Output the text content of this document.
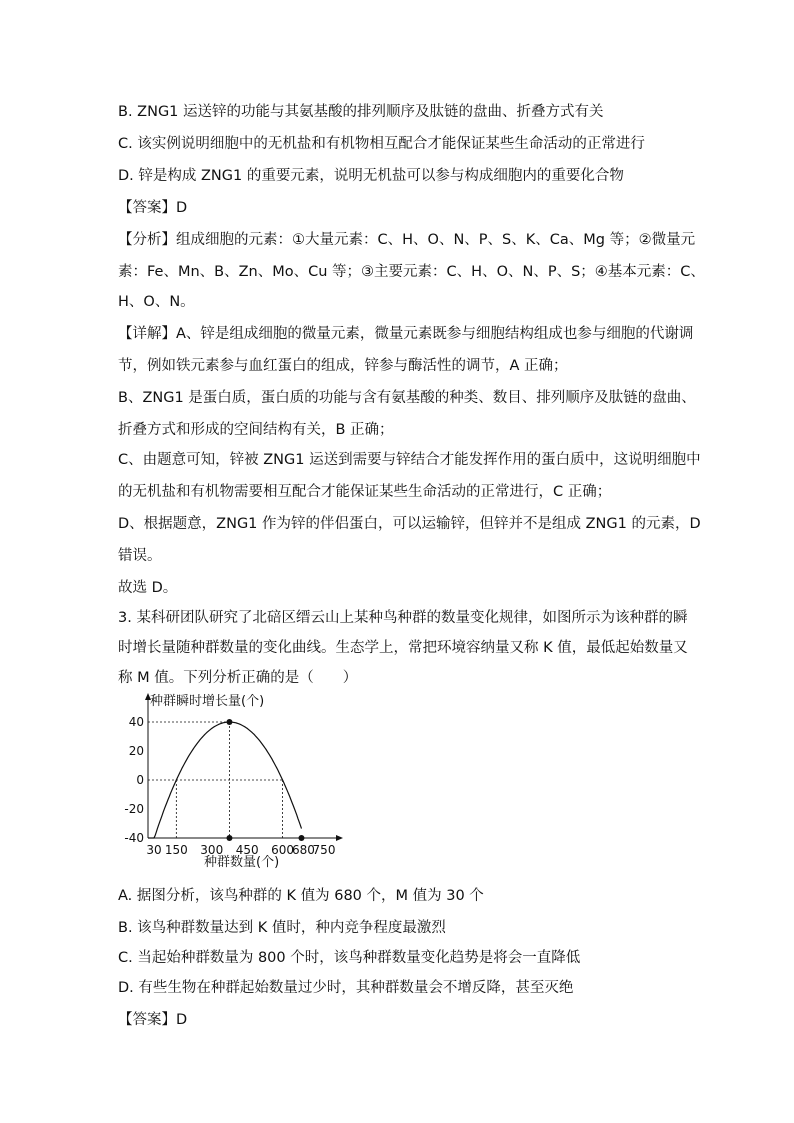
B. ZNG1 运送锌的功能与其氨基酸的排列顺序及肽链的盘曲、折叠方式有关
C. 该实例说明细胞中的无机盐和有机物相互配合才能保证某些生命活动的正常进行
D. 锌是构成 ZNG1 的重要元素，说明无机盐可以参与构成细胞内的重要化合物
【答案】D
【分析】组成细胞的元素：①大量元素：C、H、O、N、P、S、K、Ca、Mg 等；②微量元
素：Fe、Mn、B、Zn、Mo、Cu 等；③主要元素：C、H、O、N、P、S；④基本元素：C、
H、O、N。
【详解】A、锌是组成细胞的微量元素，微量元素既参与细胞结构组成也参与细胞的代谢调
节，例如铁元素参与血红蛋白的组成，锌参与酶活性的调节，A 正确；
B、ZNG1 是蛋白质，蛋白质的功能与含有氨基酸的种类、数目、排列顺序及肽链的盘曲、
折叠方式和形成的空间结构有关，B 正确；
C、由题意可知，锌被 ZNG1 运送到需要与锌结合才能发挥作用的蛋白质中，这说明细胞中
的无机盐和有机物需要相互配合才能保证某些生命活动的正常进行，C 正确；
D、根据题意，ZNG1 作为锌的伴侣蛋白，可以运输锌，但锌并不是组成 ZNG1 的元素，D
错误。
故选 D。
3. 某科研团队研究了北碚区缙云山上某种鸟种群的数量变化规律，如图所示为该种群的瞬
时增长量随种群数量的变化曲线。生态学上，常把环境容纳量又称 K 值，最低起始数量又
称 M 值。下列分析正确的是（　　）
种群瞬时增长量(个)
种群数量(个)
40
20
0
-20
-40
30 150 300 450 600
680
750
A. 据图分析，该鸟种群的 K 值为 680 个，M 值为 30 个
B. 该鸟种群数量达到 K 值时，种内竞争程度最激烈
C. 当起始种群数量为 800 个时，该鸟种群数量变化趋势是将会一直降低
D. 有些生物在种群起始数量过少时，其种群数量会不增反降，甚至灭绝
【答案】D
